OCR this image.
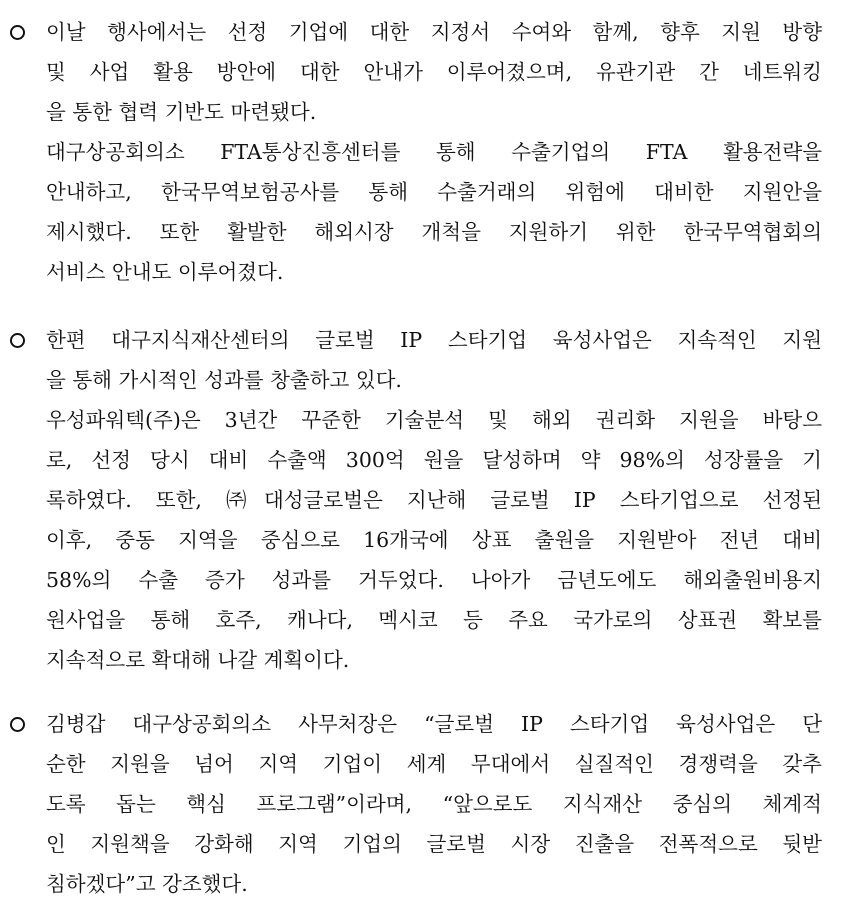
이날 행사에서는 선정 기업에 대한 지정서 수여와 함께, 향후 지원 방향
및 사업 활용 방안에 대한 안내가 이루어졌으며, 유관기관 간 네트워킹
을 통한 협력 기반도 마련됐다.
대구상공회의소 FTA통상진흥센터를 통해 수출기업의 FTA 활용전략을
안내하고, 한국무역보험공사를 통해 수출거래의 위험에 대비한 지원안을
제시했다. 또한 활발한 해외시장 개척을 지원하기 위한 한국무역협회의
서비스 안내도 이루어졌다.
한편 대구지식재산센터의 글로벌 IP 스타기업 육성사업은 지속적인 지원
을 통해 가시적인 성과를 창출하고 있다.
우성파워텍(주)은 3년간 꾸준한 기술분석 및 해외 권리화 지원을 바탕으
로, 선정 당시 대비 수출액 300억 원을 달성하며 약 98%의 성장률을 기
록하였다. 또한, ㈜대성글로벌은 지난해 글로벌 IP 스타기업으로 선정된
이후, 중동 지역을 중심으로 16개국에 상표 출원을 지원받아 전년 대비
58%의 수출 증가 성과를 거두었다. 나아가 금년도에도 해외출원비용지
원사업을 통해 호주, 캐나다, 멕시코 등 주요 국가로의 상표권 확보를
지속적으로 확대해 나갈 계획이다.
김병갑 대구상공회의소 사무처장은 “글로벌 IP 스타기업 육성사업은 단
순한 지원을 넘어 지역 기업이 세계 무대에서 실질적인 경쟁력을 갖추
도록 돕는 핵심 프로그램”이라며, “앞으로도 지식재산 중심의 체계적
인 지원책을 강화해 지역 기업의 글로벌 시장 진출을 전폭적으로 뒷받
침하겠다”고 강조했다.
